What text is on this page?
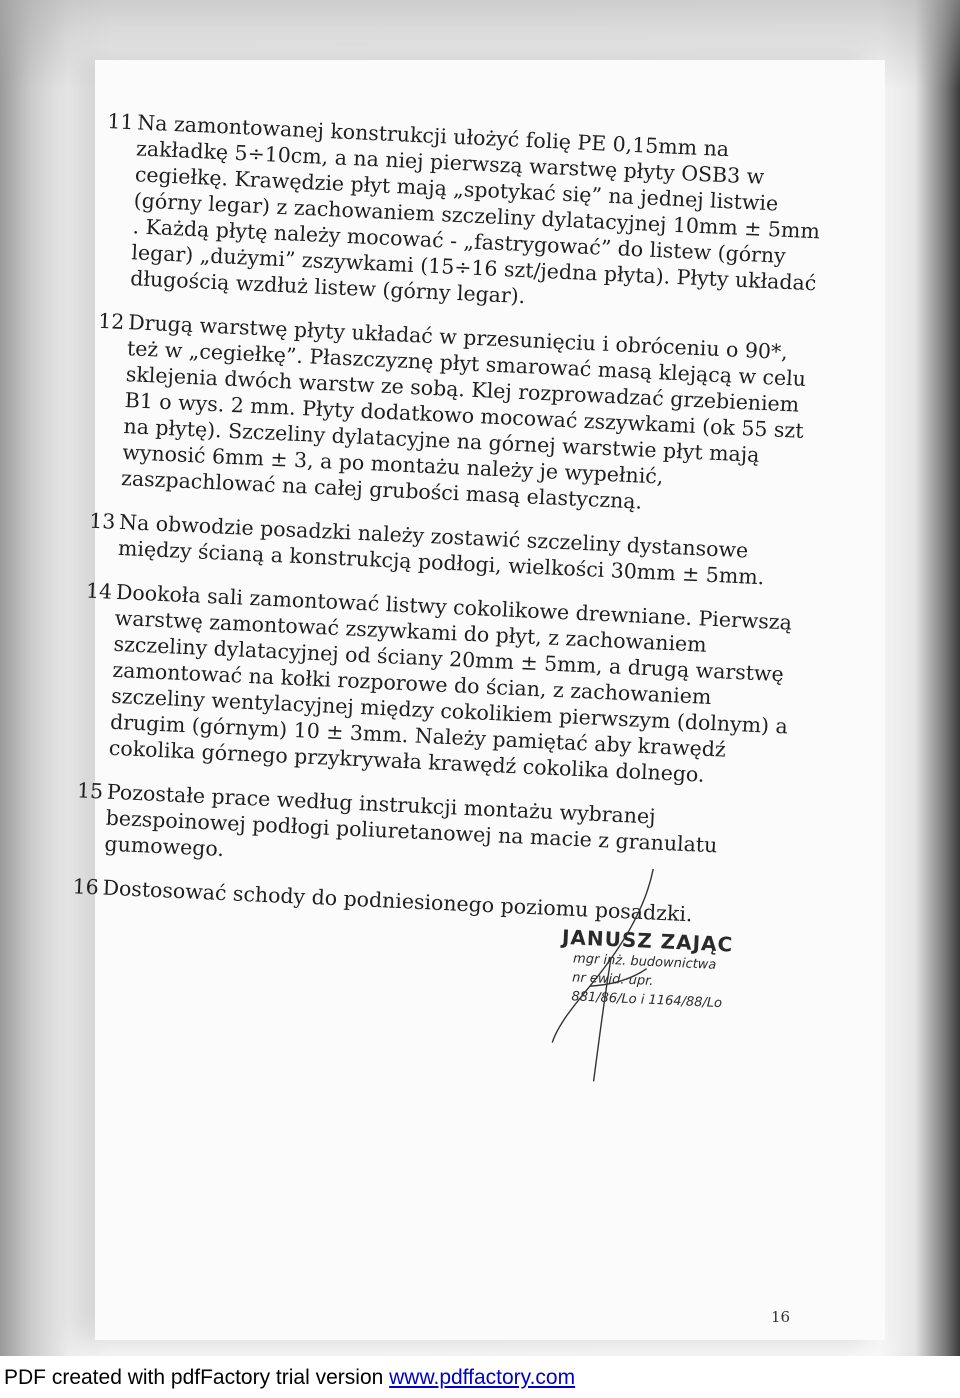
11 Na zamontowanej konstrukcji ułożyć folię PE 0,15mm na zakładkę 5÷10cm, a na niej pierwszą warstwę płyty OSB3 w cegiełkę. Krawędzie płyt mają „spotykać się” na jednej listwie (górny legar) z zachowaniem szczeliny dylatacyjnej 10mm ± 5mm . Każdą płytę należy mocować - „fastrygować” do listew (górny legar) „dużymi” zszywkami (15÷16 szt/jedna płyta). Płyty układać długością wzdłuż listew (górny legar).
12 Drugą warstwę płyty układać w przesunięciu i obróceniu o 90*, też w „cegiełkę”. Płaszczyznę płyt smarować masą klejącą w celu sklejenia dwóch warstw ze sobą. Klej rozprowadzać grzebieniem B1 o wys. 2 mm. Płyty dodatkowo mocować zszywkami (ok 55 szt na płytę). Szczeliny dylatacyjne na górnej warstwie płyt mają wynosić 6mm ± 3, a po montażu należy je wypełnić, zaszpachlować na całej grubości masą elastyczną.
13 Na obwodzie posadzki należy zostawić szczeliny dystansowe między ścianą a konstrukcją podłogi, wielkości 30mm ± 5mm.
14 Dookoła sali zamontować listwy cokolikowe drewniane. Pierwszą warstwę zamontować zszywkami do płyt, z zachowaniem szczeliny dylatacyjnej od ściany 20mm ± 5mm, a drugą warstwę zamontować na kołki rozporowe do ścian, z zachowaniem szczeliny wentylacyjnej między cokolikiem pierwszym (dolnym) a drugim (górnym) 10 ± 3mm. Należy pamiętać aby krawędź cokolika górnego przykrywała krawędź cokolika dolnego.
15 Pozostałe prace według instrukcji montażu wybranej bezspoinowej podłogi poliuretanowej na macie z granulatu gumowego.
16 Dostosować schody do podniesionego poziomu posadzki.
JANUSZ ZAJĄC
mgr inż. budownictwa
nr ewid. upr.
881/86/Lo i 1164/88/Lo
16
PDF created with pdfFactory trial version www.pdffactory.com
